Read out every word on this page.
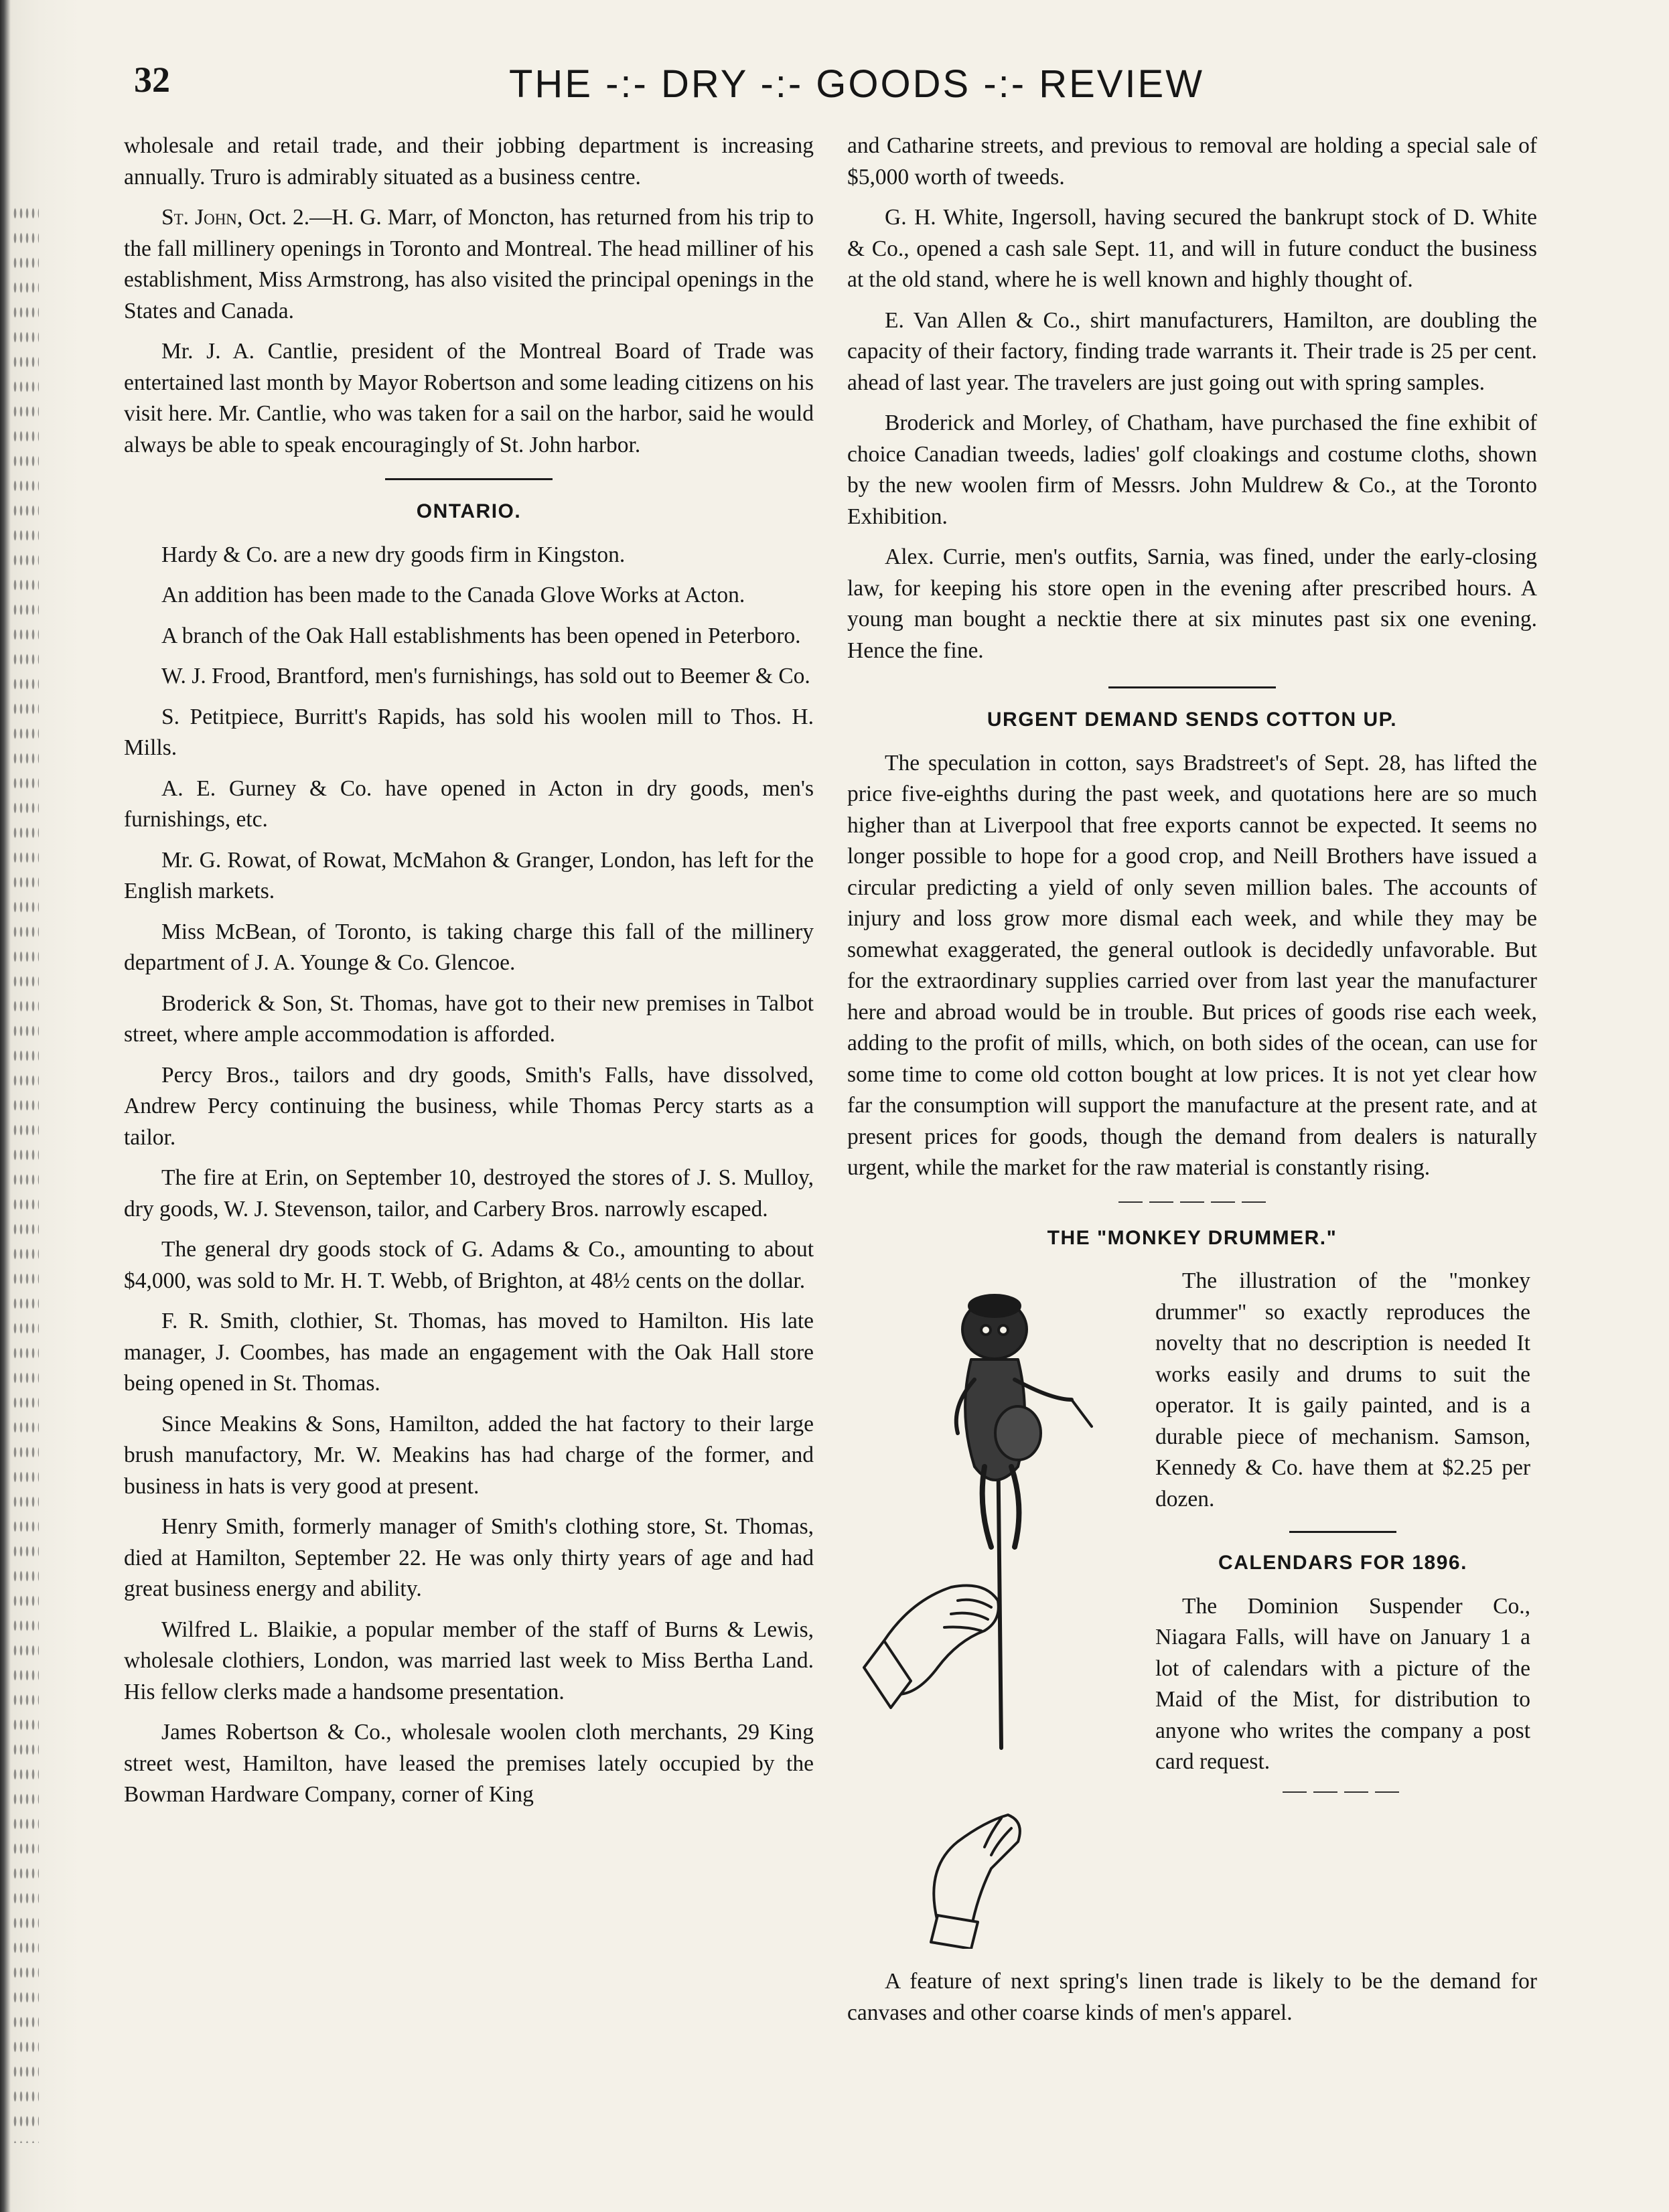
32	THE -:- DRY -:- GOODS -:- REVIEW

wholesale and retail trade, and their jobbing department is increasing annually. Truro is admirably situated as a business centre.

St. John, Oct. 2.—H. G. Marr, of Moncton, has returned from his trip to the fall millinery openings in Toronto and Montreal. The head milliner of his establishment, Miss Armstrong, has also visited the principal openings in the States and Canada.

Mr. J. A. Cantlie, president of the Montreal Board of Trade was entertained last month by Mayor Robertson and some leading citizens on his visit here. Mr. Cantlie, who was taken for a sail on the harbor, said he would always be able to speak encouragingly of St. John harbor.

ONTARIO.

Hardy & Co. are a new dry goods firm in Kingston.

An addition has been made to the Canada Glove Works at Acton.

A branch of the Oak Hall establishments has been opened in Peterboro.

W. J. Frood, Brantford, men's furnishings, has sold out to Beemer & Co.

S. Petitpiece, Burritt's Rapids, has sold his woolen mill to Thos. H. Mills.

A. E. Gurney & Co. have opened in Acton in dry goods, men's furnishings, etc.

Mr. G. Rowat, of Rowat, McMahon & Granger, London, has left for the English markets.

Miss McBean, of Toronto, is taking charge this fall of the millinery department of J. A. Younge & Co. Glencoe.

Broderick & Son, St. Thomas, have got to their new premises in Talbot street, where ample accommodation is afforded.

Percy Bros., tailors and dry goods, Smith's Falls, have dissolved, Andrew Percy continuing the business, while Thomas Percy starts as a tailor.

The fire at Erin, on September 10, destroyed the stores of J. S. Mulloy, dry goods, W. J. Stevenson, tailor, and Carbery Bros. narrowly escaped.

The general dry goods stock of G. Adams & Co., amounting to about $4,000, was sold to Mr. H. T. Webb, of Brighton, at 48½ cents on the dollar.

F. R. Smith, clothier, St. Thomas, has moved to Hamilton. His late manager, J. Coombes, has made an engagement with the Oak Hall store being opened in St. Thomas.

Since Meakins & Sons, Hamilton, added the hat factory to their large brush manufactory, Mr. W. Meakins has had charge of the former, and business in hats is very good at present.

Henry Smith, formerly manager of Smith's clothing store, St. Thomas, died at Hamilton, September 22. He was only thirty years of age and had great business energy and ability.

Wilfred L. Blaikie, a popular member of the staff of Burns & Lewis, wholesale clothiers, London, was married last week to Miss Bertha Land. His fellow clerks made a handsome presentation.

James Robertson & Co., wholesale woolen cloth merchants, 29 King street west, Hamilton, have leased the premises lately occupied by the Bowman Hardware Company, corner of King

and Catharine streets, and previous to removal are holding a special sale of $5,000 worth of tweeds.

G. H. White, Ingersoll, having secured the bankrupt stock of D. White & Co., opened a cash sale Sept. 11, and will in future conduct the business at the old stand, where he is well known and highly thought of.

E. Van Allen & Co., shirt manufacturers, Hamilton, are doubling the capacity of their factory, finding trade warrants it. Their trade is 25 per cent. ahead of last year. The travelers are just going out with spring samples.

Broderick and Morley, of Chatham, have purchased the fine exhibit of choice Canadian tweeds, ladies' golf cloakings and costume cloths, shown by the new woolen firm of Messrs. John Muldrew & Co., at the Toronto Exhibition.

Alex. Currie, men's outfits, Sarnia, was fined, under the early-closing law, for keeping his store open in the evening after prescribed hours. A young man bought a necktie there at six minutes past six one evening. Hence the fine.

URGENT DEMAND SENDS COTTON UP.

The speculation in cotton, says Bradstreet's of Sept. 28, has lifted the price five-eighths during the past week, and quotations here are so much higher than at Liverpool that free exports cannot be expected. It seems no longer possible to hope for a good crop, and Neill Brothers have issued a circular predicting a yield of only seven million bales. The accounts of injury and loss grow more dismal each week, and while they may be somewhat exaggerated, the general outlook is decidedly unfavorable. But for the extraordinary supplies carried over from last year the manufacturer here and abroad would be in trouble. But prices of goods rise each week, adding to the profit of mills, which, on both sides of the ocean, can use for some time to come old cotton bought at low prices. It is not yet clear how far the consumption will support the manufacture at the present rate, and at present prices for goods, though the demand from dealers is naturally urgent, while the market for the raw material is constantly rising.

THE "MONKEY DRUMMER."

The illustration of the "monkey drummer" so exactly reproduces the novelty that no description is needed It works easily and drums to suit the operator. It is gaily painted, and is a durable piece of mechanism. Samson, Kennedy & Co. have them at $2.25 per dozen.

CALENDARS FOR 1896.

The Dominion Suspender Co., Niagara Falls, will have on January 1 a lot of calendars with a picture of the Maid of the Mist, for distribution to anyone who writes the company a post card request.

A feature of next spring's linen trade is likely to be the demand for canvases and other coarse kinds of men's apparel.
